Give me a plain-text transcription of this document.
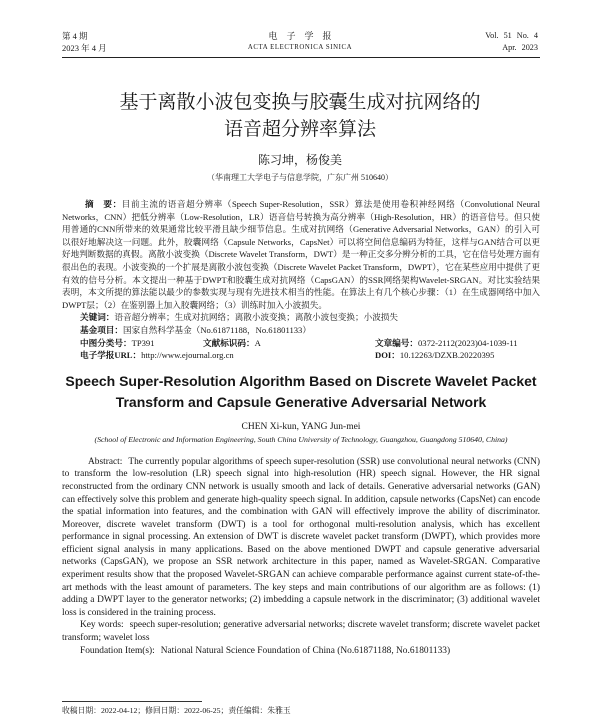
第 4 期
2023 年 4 月
电子学报
ACTA ELECTRONICA SINICA
Vol. 51 No. 4
Apr. 2023
基于离散小波包变换与胶囊生成对抗网络的语音超分辨率算法
陈习坤，杨俊美
（华南理工大学电子与信息学院，广东广州 510640）

摘　要：目前主流的语音超分辨率（Speech Super-Resolution，SSR）算法是使用卷积神经网络（Convolutional Neural Networks，CNN）把低分辨率（Low-Resolution，LR）语音信号转换为高分辨率（High-Resolution，HR）的语音信号。但只使用普通的CNN所带来的效果通常比较平滑且缺少细节信息。生成对抗网络（Generative Adversarial Networks，GAN）的引入可以很好地解决这一问题。此外，胶囊网络（Capsule Networks，CapsNet）可以将空间信息编码为特征，这样与GAN结合可以更好地判断数据的真假。离散小波变换（Discrete Wavelet Transform，DWT）是一种正交多分辨分析的工具，它在信号处理方面有很出色的表现。小波变换的一个扩展是离散小波包变换（Discrete Wavelet Packet Transform，DWPT），它在某些应用中提供了更有效的信号分析。本文提出一种基于DWPT和胶囊生成对抗网络（CapsGAN）的SSR网络架构Wavelet-SRGAN。对比实验结果表明，本文所提的算法能以最少的参数实现与现有先进技术相当的性能。在算法上有几个核心步骤：（1）在生成器网络中加入DWPT层；（2）在鉴别器上加入胶囊网络；（3）训练时加入小波损失。

关键词：语音超分辨率；生成对抗网络；离散小波变换；离散小波包变换；小波损失

基金项目：国家自然科学基金（No.61871188，No.61801133）

中图分类号：TP391	文献标识码：A	文章编号：0372-2112(2023)04-1039-11
电子学报URL：http://www.ejournal.org.cn	DOI：10.12263/DZXB.20220395
Speech Super-Resolution Algorithm Based on Discrete Wavelet Packet Transform and Capsule Generative Adversarial Network
CHEN Xi-kun, YANG Jun-mei
(School of Electronic and Information Engineering, South China University of Technology, Guangzhou, Guangdong 510640, China)

Abstract: The currently popular algorithms of speech super-resolution (SSR) use convolutional neural networks (CNN) to transform the low-resolution (LR) speech signal into high-resolution (HR) speech signal. However, the HR signal reconstructed from the ordinary CNN network is usually smooth and lack of details. Generative adversarial networks (GAN) can effectively solve this problem and generate high-quality speech signal. In addition, capsule networks (CapsNet) can encode the spatial information into features, and the combination with GAN will effectively improve the ability of discriminator. Moreover, discrete wavelet transform (DWT) is a tool for orthogonal multi-resolution analysis, which has excellent performance in signal processing. An extension of DWT is discrete wavelet packet transform (DWPT), which provides more efficient signal analysis in many applications. Based on the above mentioned DWPT and capsule generative adversarial networks (CapsGAN), we propose an SSR network architecture in this paper, named as Wavelet-SRGAN. Comparative experiment results show that the proposed Wavelet-SRGAN can achieve comparable performance against current state-of-the-art methods with the least amount of parameters. The key steps and main contributions of our algorithm are as follows: (1) adding a DWPT layer to the generator networks; (2) imbedding a capsule network in the discriminator; (3) additional wavelet loss is considered in the training process.

Key words: speech super-resolution; generative adversarial networks; discrete wavelet transform; discrete wavelet packet transform; wavelet loss

Foundation Item(s): National Natural Science Foundation of China (No.61871188, No.61801133)

收稿日期：2022-04-12；修回日期：2022-06-25；责任编辑：朱雅玉
